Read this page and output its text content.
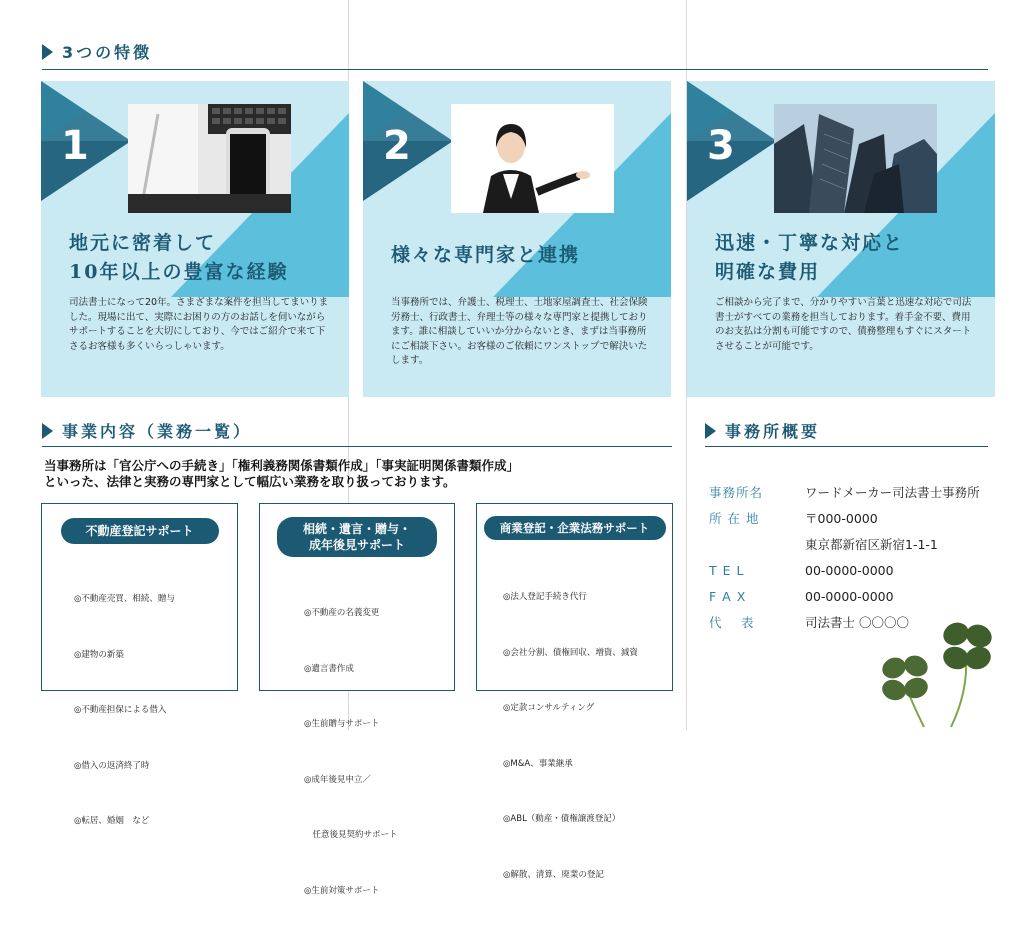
3つの特徴
1
地元に密着して
10年以上の豊富な経験
司法書士になって20年。さまざまな案件を担当してまいりました。現場に出て、実際にお困りの方のお話しを伺いながらサポートすることを大切にしており、今ではご紹介で来て下さるお客様も多くいらっしゃいます。
2
様々な専門家と連携
当事務所では、弁護士、税理士、土地家屋調査士、社会保険労務士、行政書士、弁理士等の様々な専門家と提携しております。誰に相談していいか分からないとき、まずは当事務所にご相談下さい。お客様のご依頼にワンストップで解決いたします。
3
迅速・丁寧な対応と
明確な費用
ご相談から完了まで、分かりやすい言葉と迅速な対応で司法書士がすべての業務を担当しております。着手金不要、費用のお支払は分割も可能ですので、債務整理もすぐにスタートさせることが可能です。
事業内容（業務一覧）
当事務所は「官公庁への手続き」「権利義務関係書類作成」「事実証明関係書類作成」
といった、法律と実務の専門家として幅広い業務を取り扱っております。
不動産登記サポート

◎不動産売買、相続、贈与

◎建物の新築

◎不動産担保による借入

◎借入の返済終了時

◎転居、婚姻　など

相続・遺言・贈与・
成年後見サポート

◎不動産の名義変更

◎遺言書作成

◎生前贈与サポート

◎成年後見申立／

　任意後見契約サポート

◎生前対策サポート

商業登記・企業法務サポート

◎法人登記手続き代行

◎会社分割、債権回収、増資、減資

◎定款コンサルティング

◎M&A、事業継承

◎ABL（動産・債権譲渡登記）

◎解散、清算、廃業の登記

事務所概要
事務所名	ワードメーカー司法書士事務所
所 在 地	〒000-0000
東京都新宿区新宿1-1-1
T E L	00-0000-0000
F A X	00-0000-0000
代　 表	司法書士 〇〇〇〇
